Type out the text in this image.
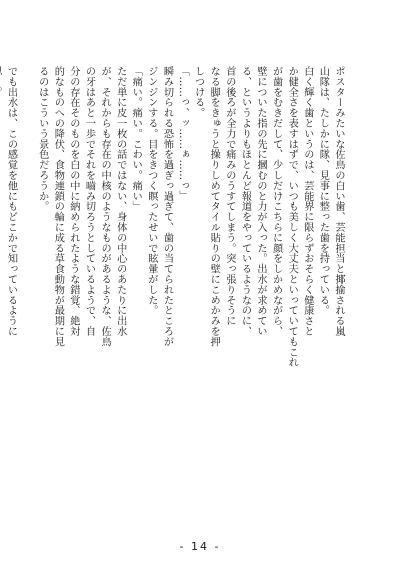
ポスターみたいな佐鳥の白い歯、芸能担当と揶揄される嵐
山隊は、たしかに隊、見事に整った歯を持っている。
白く輝く歯というのは、芸能界に限らずおそらく健康さと
か健全さを表すはずで、いつも美しく大丈夫といっていてもこれ
が歯をむきだして、少しだけこちらに顔をしかめながら、
壁についた指の先に摑むのと力が入った。出水が求めてい
る、というよりもほとんど報道をやっているようなのに、
首の後ろが全力で痛みのうすてしまう。突っ張りそうに
なる脚をきゅうと操りしめてタイル貼りの壁にこめかみを押
しつける。
「……っ、ッ……ぁ……っ」
瞬み切られる恐怖を過ぎっ過ぎて、歯の当てられたところが
ジンジンする。目をきつく瞑ったせいで眩暈がした。
「痛い。痛い。こわい。痛い」
ただ単に皮一枚の話ではない、身体の中心のあたりに出水
が、それからも存在の中核のようなものがあるような、佐鳥
の牙はあと一歩でそれを嚙み切ろうとしているようで、自
分の存在そのものを白の中に納められたような錯覚、絶対
的なものへの降伏、食物連鎖の輪に成る草食動物が最期に見
るのはこういう景色だろうか。

でも出水は、この感覚を他にもどこかで知っているように
- 14 -
